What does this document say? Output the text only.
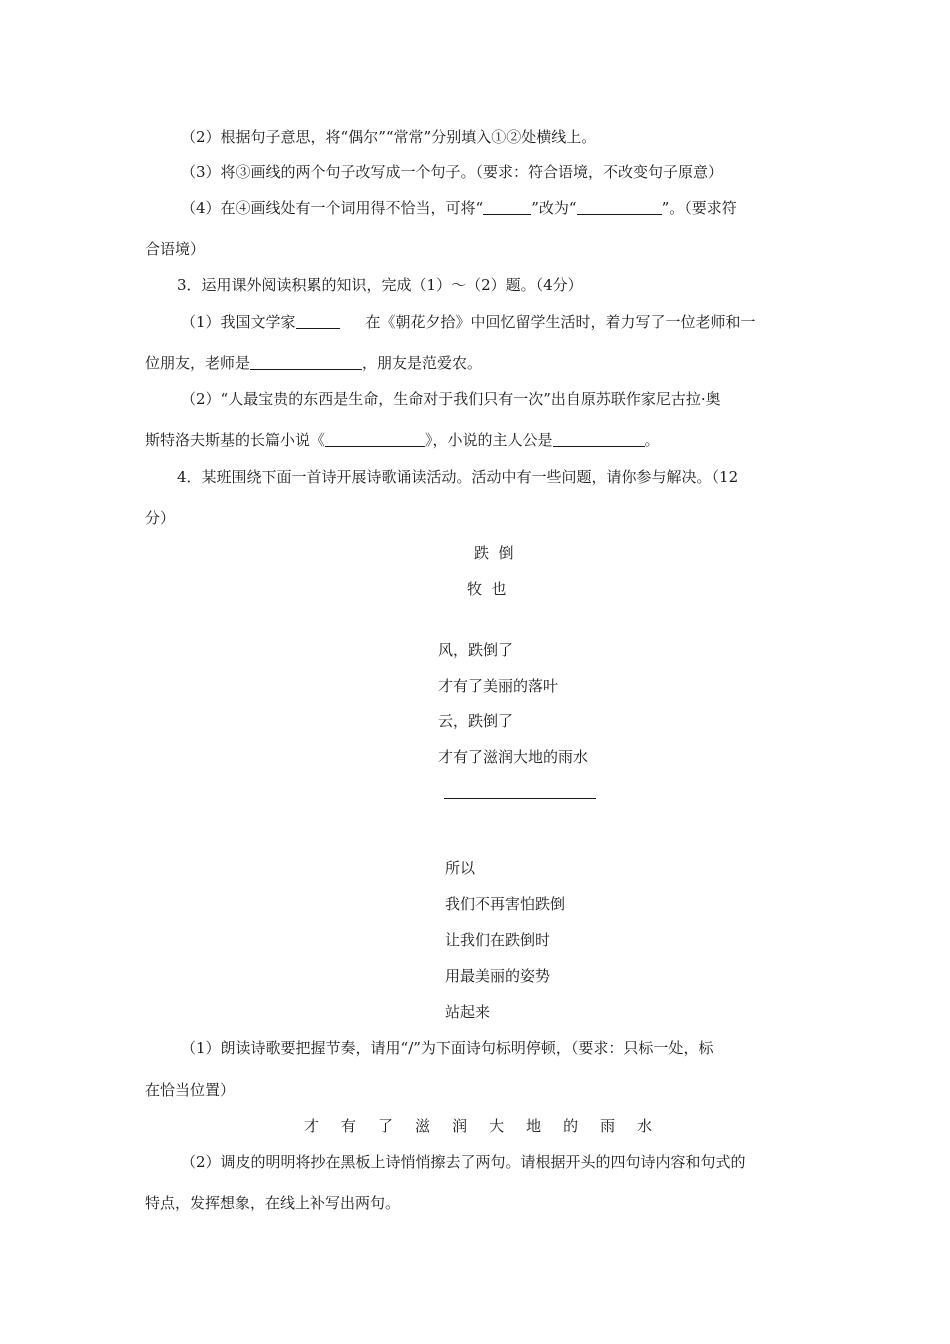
（2）根据句子意思，将“偶尔”“常常”分别填入①②处横线上。
（3）将③画线的两个句子改写成一个句子。（要求：符合语境，不改变句子原意）
（4）在④画线处有一个词用得不恰当，可将“	”改为“	”。（要求符
合语境）
3．运用课外阅读积累的知识，完成（1）～（2）题。（4分）
（1）我国文学家	在《朝花夕拾》中回忆留学生活时，着力写了一位老师和一
位朋友，老师是	，朋友是范爱农。
（2）“人最宝贵的东西是生命，生命对于我们只有一次”出自原苏联作家尼古拉·奥
斯特洛夫斯基的长篇小说《	》，小说的主人公是	。
4．某班围绕下面一首诗开展诗歌诵读活动。活动中有一些问题，请你参与解决。（12
分）
跌  倒
牧  也
风，跌倒了
才有了美丽的落叶
云，跌倒了
才有了滋润大地的雨水
所以
我们不再害怕跌倒
让我们在跌倒时
用最美丽的姿势
站起来
（1）朗读诗歌要把握节奏，请用“/”为下面诗句标明停顿，（要求：只标一处，标
在恰当位置）
才 有 了 滋 润 大 地 的 雨 水
（2）调皮的明明将抄在黑板上诗悄悄擦去了两句。请根据开头的四句诗内容和句式的
特点，发挥想象，在线上补写出两句。
